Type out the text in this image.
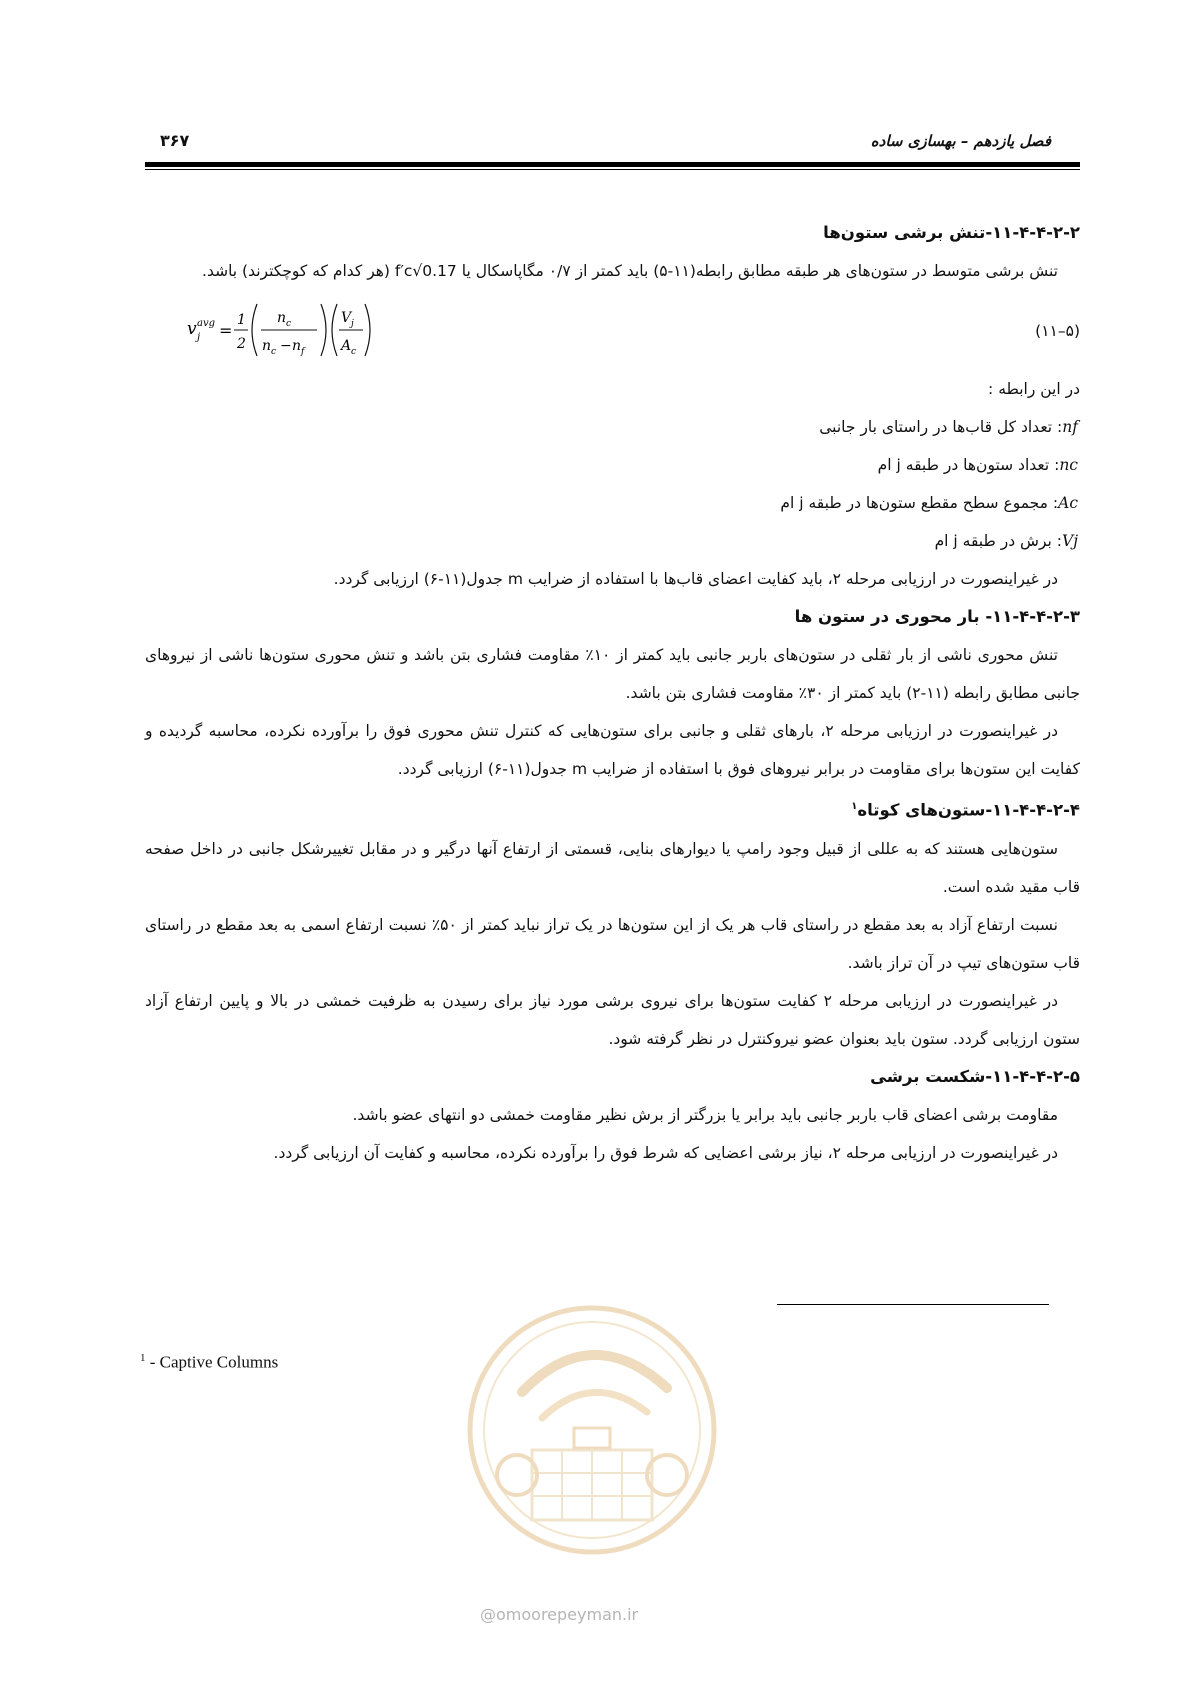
فصل یازدهم – بهسازی ساده
۳۶۷

۱۱-۴-۴-۲-۲-تنش برشی ستون‌ها

تنش برشی متوسط در ستون‌های هر طبقه مطابق رابطه(۱۱-۵) باید کمتر از ۰/۷ مگاپاسکال یا 0.17√f′c (هر کدام که کوچکترند) باشد.

(۵–۱۱)
v avg
j =
1
2
n c
n c − n f
V j
A c

در این رابطه :

nf: تعداد کل قاب‌ها در راستای بار جانبی

nc: تعداد ستون‌ها در طبقه j ام

Ac: مجموع سطح مقطع ستون‌ها در طبقه j ام

Vj: برش در طبقه j ام

در غیراینصورت در ارزیابی مرحله ۲، باید کفایت اعضای قاب‌ها با استفاده از ضرایب m جدول(۱۱-۶) ارزیابی گردد.

۱۱-۴-۴-۲-۳- بار محوری در ستون ها

تنش محوری ناشی از بار ثقلی در ستون‌های باربر جانبی باید کمتر از ۱۰٪ مقاومت فشاری بتن باشد و تنش محوری ستون‌ها ناشی از نیروهای جانبی مطابق رابطه (۱۱-۲) باید کمتر از ۳۰٪ مقاومت فشاری بتن باشد.

در غیراینصورت در ارزیابی مرحله ۲، بارهای ثقلی و جانبی برای ستون‌هایی که کنترل تنش محوری فوق را برآورده نکرده، محاسبه گردیده و کفایت این ستون‌ها برای مقاومت در برابر نیروهای فوق با استفاده از ضرایب m جدول(۱۱-۶) ارزیابی گردد.

۱۱-۴-۴-۲-۴-ستون‌های کوتاه$^۱$

ستون‌هایی هستند که به عللی از قبیل وجود رامپ یا دیوارهای بنایی، قسمتی از ارتفاع آنها درگیر و در مقابل تغییرشکل جانبی در داخل صفحه قاب مقید شده است.

نسبت ارتفاع آزاد به بعد مقطع در راستای قاب هر یک از این ستون‌ها در یک تراز نباید کمتر از ۵۰٪ نسبت ارتفاع اسمی به بعد مقطع در راستای قاب ستون‌های تیپ در آن تراز باشد.

در غیراینصورت در ارزیابی مرحله ۲ کفایت ستون‌ها برای نیروی برشی مورد نیاز برای رسیدن به ظرفیت خمشی در بالا و پایین ارتفاع آزاد ستون ارزیابی گردد. ستون باید بعنوان عضو نیروکنترل در نظر گرفته شود.

۱۱-۴-۴-۲-۵-شکست برشی

مقاومت برشی اعضای قاب باربر جانبی باید برابر یا بزرگتر از برش نظیر مقاومت خمشی دو انتهای عضو باشد.

در غیراینصورت در ارزیابی مرحله ۲، نیاز برشی اعضایی که شرط فوق را برآورده نکرده، محاسبه و کفایت آن ارزیابی گردد.

$^1$ - Captive Columns
@omoorepeyman.ir
